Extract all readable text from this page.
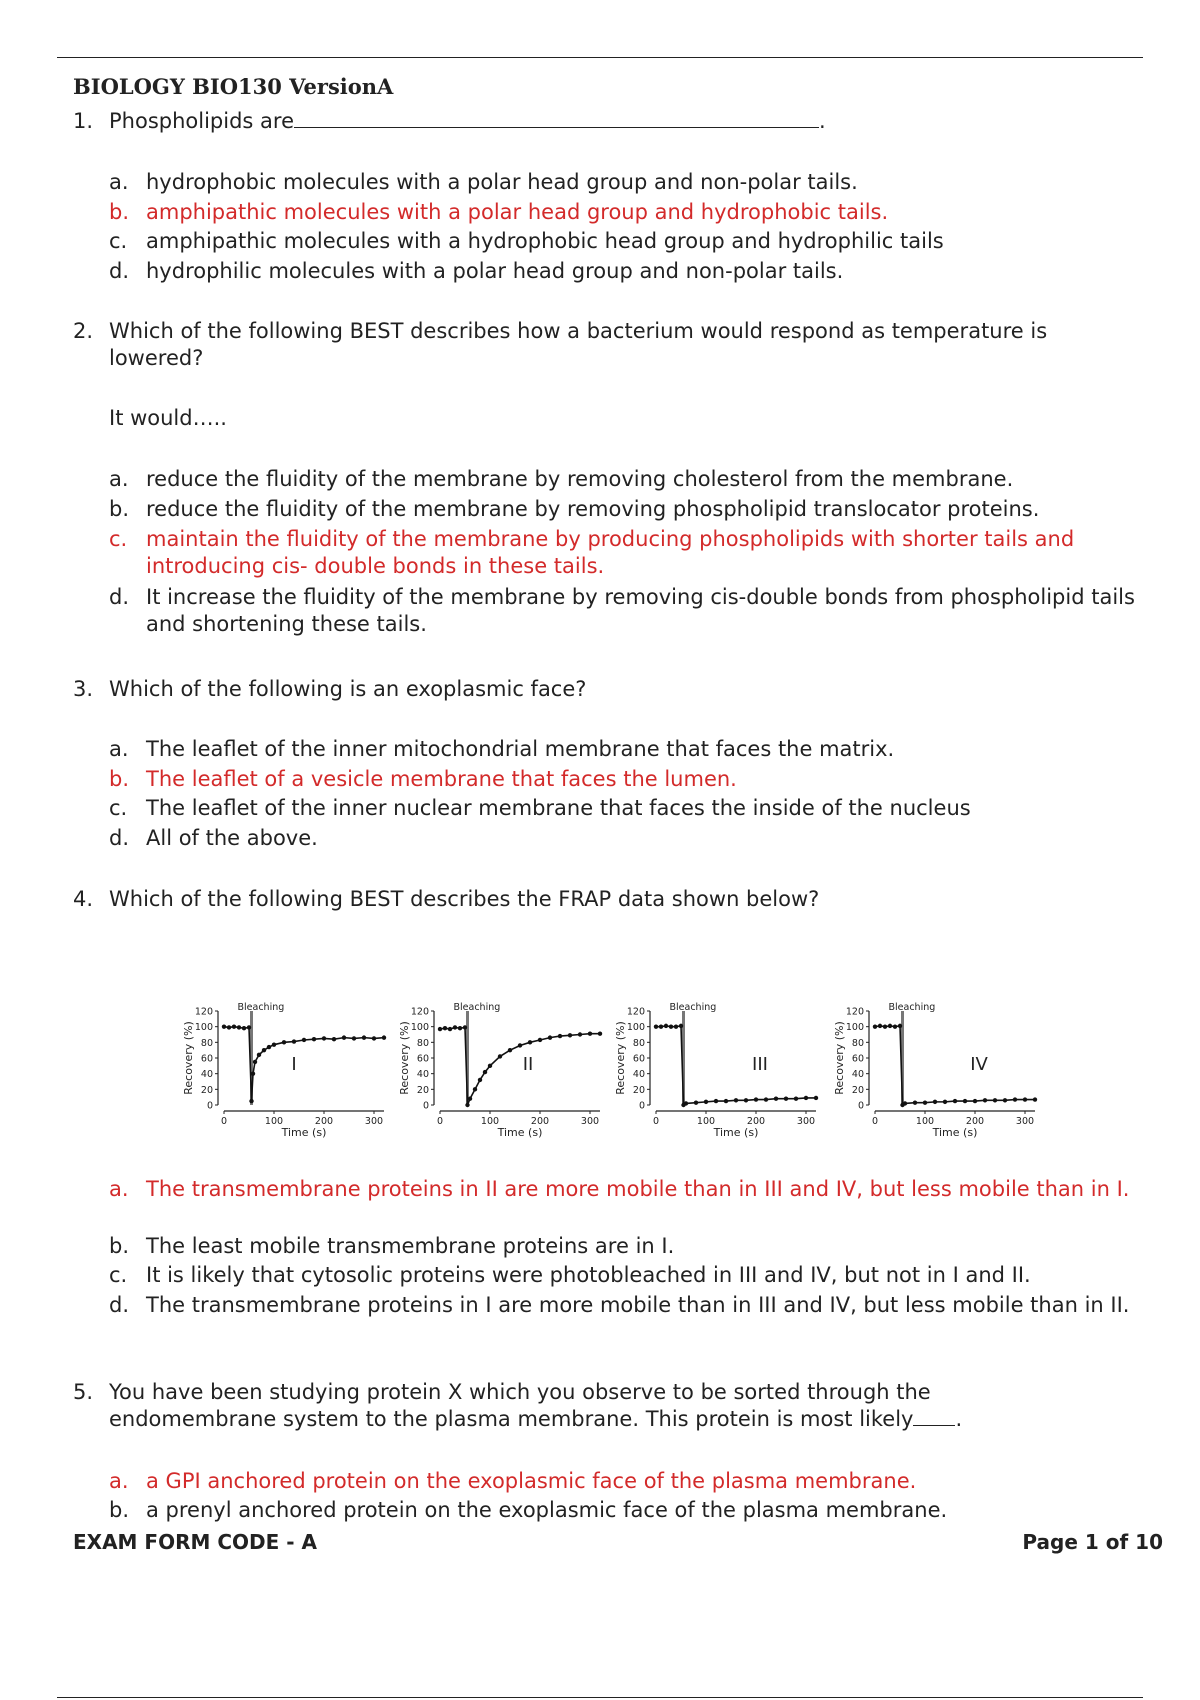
BIOLOGY BIO130 VersionA
1. Phospholipids are	.
a. hydrophobic molecules with a polar head group and non-polar tails.
b. amphipathic molecules with a polar head group and hydrophobic tails.
c. amphipathic molecules with a hydrophobic head group and hydrophilic tails
d. hydrophilic molecules with a polar head group and non-polar tails.
2. Which of the following BEST describes how a bacterium would respond as temperature is lowered?
It would…..
a. reduce the fluidity of the membrane by removing cholesterol from the membrane.
b. reduce the fluidity of the membrane by removing phospholipid translocator proteins.
c. maintain the fluidity of the membrane by producing phospholipids with shorter tails and introducing cis- double bonds in these tails.
d. It increase the fluidity of the membrane by removing cis-double bonds from phospholipid tails and shortening these tails.
3. Which of the following is an exoplasmic face?
a. The leaflet of the inner mitochondrial membrane that faces the matrix.
b. The leaflet of a vesicle membrane that faces the lumen.
c. The leaflet of the inner nuclear membrane that faces the inside of the nucleus
d. All of the above.
4. Which of the following BEST describes the FRAP data shown below?
0
20
40
60
80
100
120
0	100	200	300
Time (s)
Recovery (%)
Bleaching
I
0
20
40
60
80
100
120
0	100	200	300
Time (s)
Recovery (%)
Bleaching
II
0
20
40
60
80
100
120
0	100	200	300
Time (s)
Recovery (%)
Bleaching
III
0
20
40
60
80
100
120
0	100	200	300
Time (s)
Recovery (%)
Bleaching
IV
a. The transmembrane proteins in II are more mobile than in III and IV, but less mobile than in I.
b. The least mobile transmembrane proteins are in I.
c. It is likely that cytosolic proteins were photobleached in III and IV, but not in I and II.
d. The transmembrane proteins in I are more mobile than in III and IV, but less mobile than in II.
5. You have been studying protein X which you observe to be sorted through the endomembrane system to the plasma membrane. This protein is most likely .
a. a GPI anchored protein on the exoplasmic face of the plasma membrane.
b. a prenyl anchored protein on the exoplasmic face of the plasma membrane.
EXAM FORM CODE - A	Page 1 of 10
